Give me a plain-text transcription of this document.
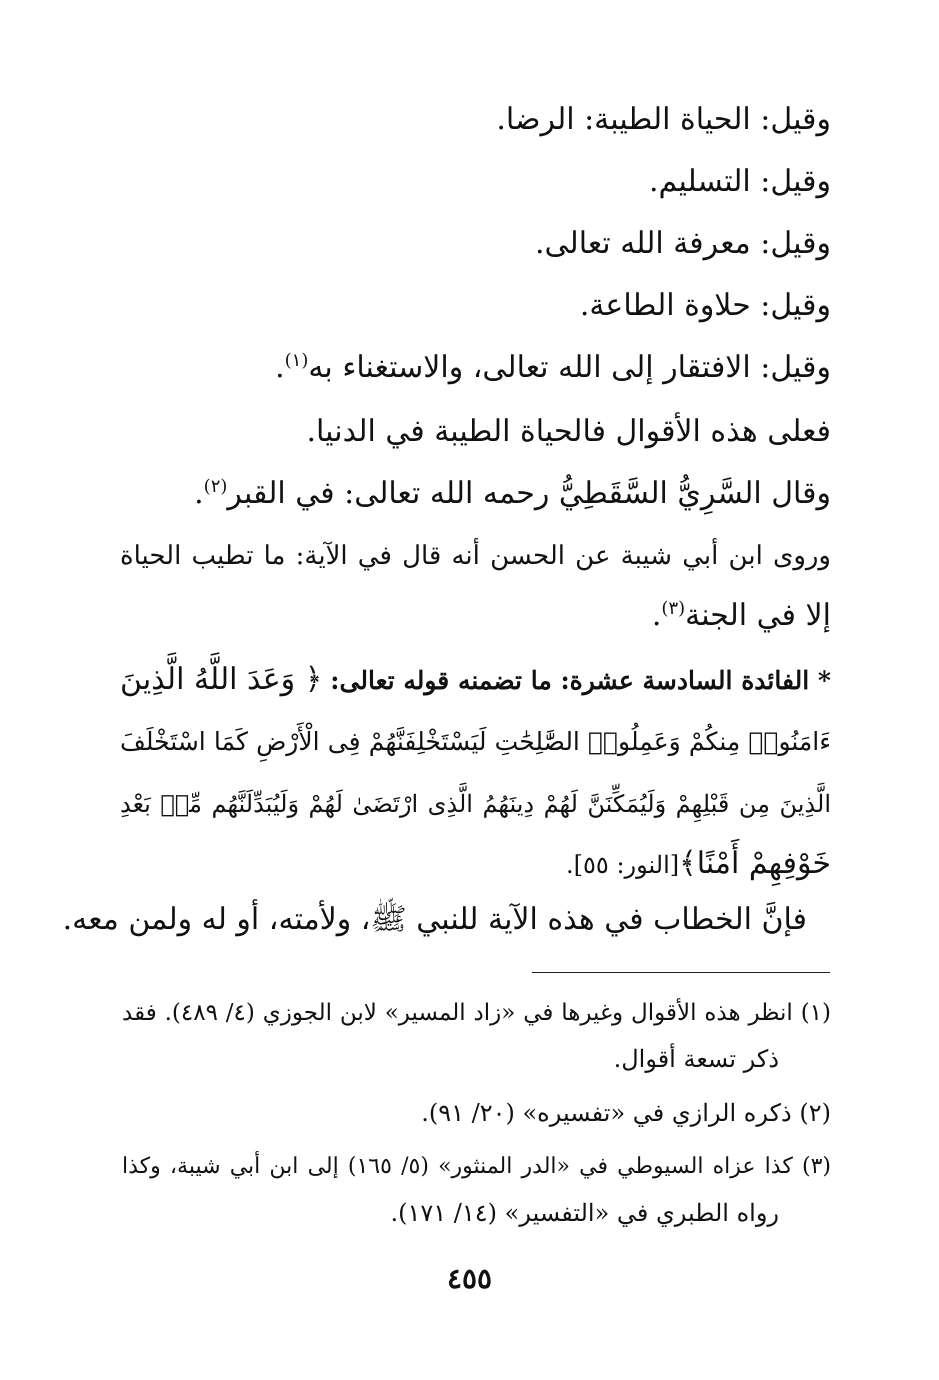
وقيل: الحياة الطيبة: الرضا.
وقيل: التسليم.
وقيل: معرفة الله تعالى.
وقيل: حلاوة الطاعة.
وقيل: الافتقار إلى الله تعالى، والاستغناء به$^{(١)}$.
فعلى هذه الأقوال فالحياة الطيبة في الدنيا.
وقال السَّرِيُّ السَّقَطِيُّ رحمه الله تعالى: في القبر$^{(٢)}$.
وروى ابن أبي شيبة عن الحسن أنه قال في الآية: ما تطيب الحياة
إلا في الجنة$^{(٣)}$.
* الفائدة السادسة عشرة: ما تضمنه قوله تعالى: ﴿ وَعَدَ اللَّهُ الَّذِينَ
ءَامَنُوا۟ مِنكُمْ وَعَمِلُوا۟ الصَّٰلِحَٰتِ لَيَسْتَخْلِفَنَّهُمْ فِى الْأَرْضِ كَمَا اسْتَخْلَفَ
الَّذِينَ مِن قَبْلِهِمْ وَلَيُمَكِّنَنَّ لَهُمْ دِينَهُمُ الَّذِى ارْتَضَىٰ لَهُمْ وَلَيُبَدِّلَنَّهُم مِّنۢ بَعْدِ
خَوْفِهِمْ أَمْنًا﴾[النور: ٥٥].
فإنَّ الخطاب في هذه الآية للنبي ﷺ، ولأمته، أو له ولمن معه.
(١) انظر هذه الأقوال وغيرها في «زاد المسير» لابن الجوزي (٤/ ٤٨٩). فقد
ذكر تسعة أقوال.
(٢) ذكره الرازي في «تفسيره» (٢٠/ ٩١).
(٣) كذا عزاه السيوطي في «الدر المنثور» (٥/ ١٦٥) إلى ابن أبي شيبة، وكذا
رواه الطبري في «التفسير» (١٤/ ١٧١).
٤٥٥
